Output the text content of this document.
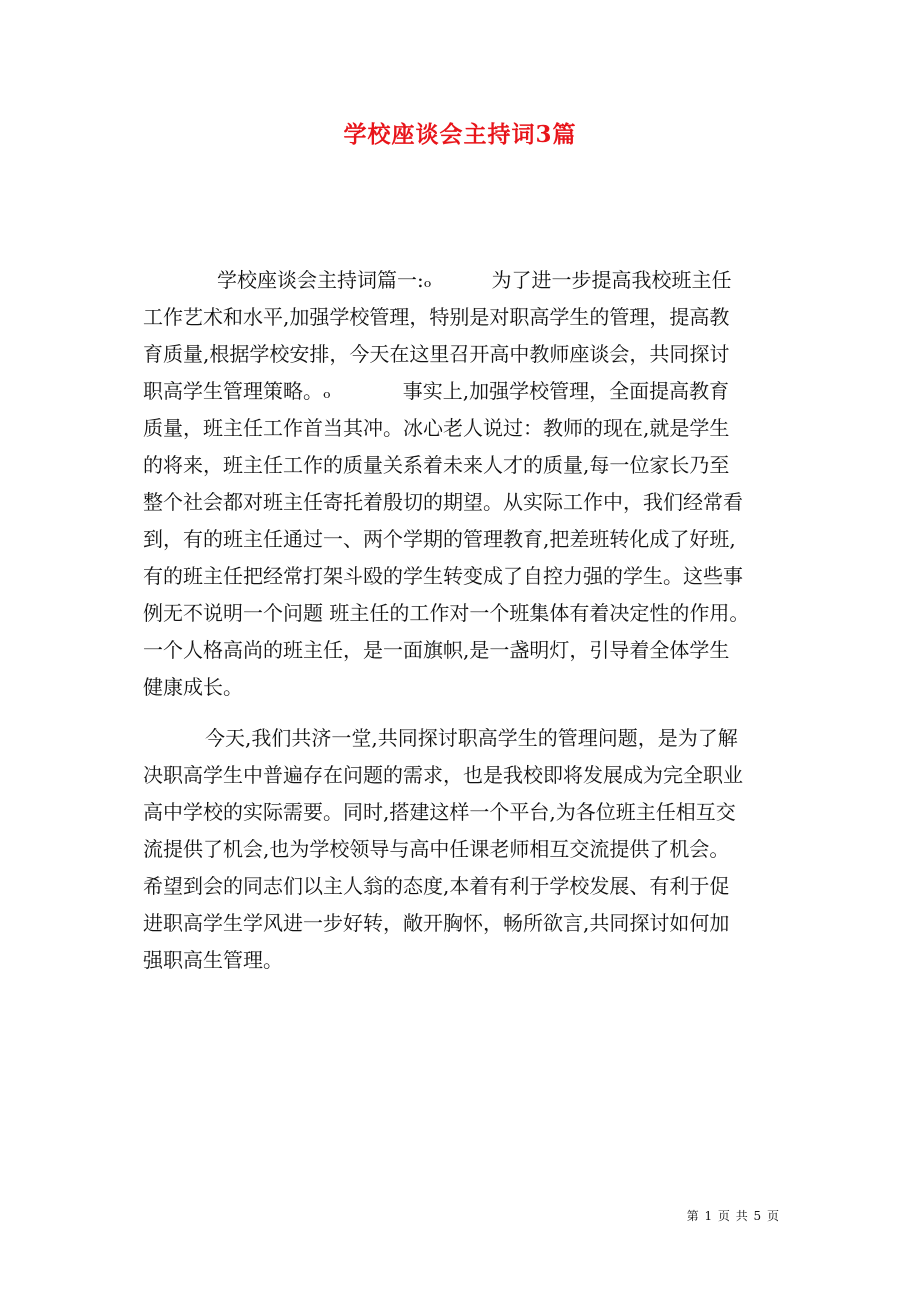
学校座谈会主持词3篇
学校座谈会主持词篇一:ₒ	为了进一步提高我校班主任
工作艺术和水平,加强学校管理，特别是对职高学生的管理，提高教
育质量,根据学校安排，今天在这里召开高中教师座谈会，共同探讨
职高学生管理策略。ₒ	事实上,加强学校管理，全面提高教育
质量，班主任工作首当其冲。冰心老人说过：教师的现在,就是学生
的将来，班主任工作的质量关系着未来人才的质量,每一位家长乃至
整个社会都对班主任寄托着殷切的期望。从实际工作中，我们经常看
到，有的班主任通过一、两个学期的管理教育,把差班转化成了好班,
有的班主任把经常打架斗殴的学生转变成了自控力强的学生。这些事
例无不说明一个问题 班主任的工作对一个班集体有着决定性的作用。
一个人格高尚的班主任，是一面旗帜,是一盏明灯，引导着全体学生
健康成长。
今天,我们共济一堂,共同探讨职高学生的管理问题，是为了解
决职高学生中普遍存在问题的需求，也是我校即将发展成为完全职业
高中学校的实际需要。同时,搭建这样一个平台,为各位班主任相互交
流提供了机会,也为学校领导与高中任课老师相互交流提供了机会。
希望到会的同志们以主人翁的态度,本着有利于学校发展、有利于促
进职高学生学风进一步好转，敞开胸怀，畅所欲言,共同探讨如何加
强职高生管理。
第 1 页 共 5 页
